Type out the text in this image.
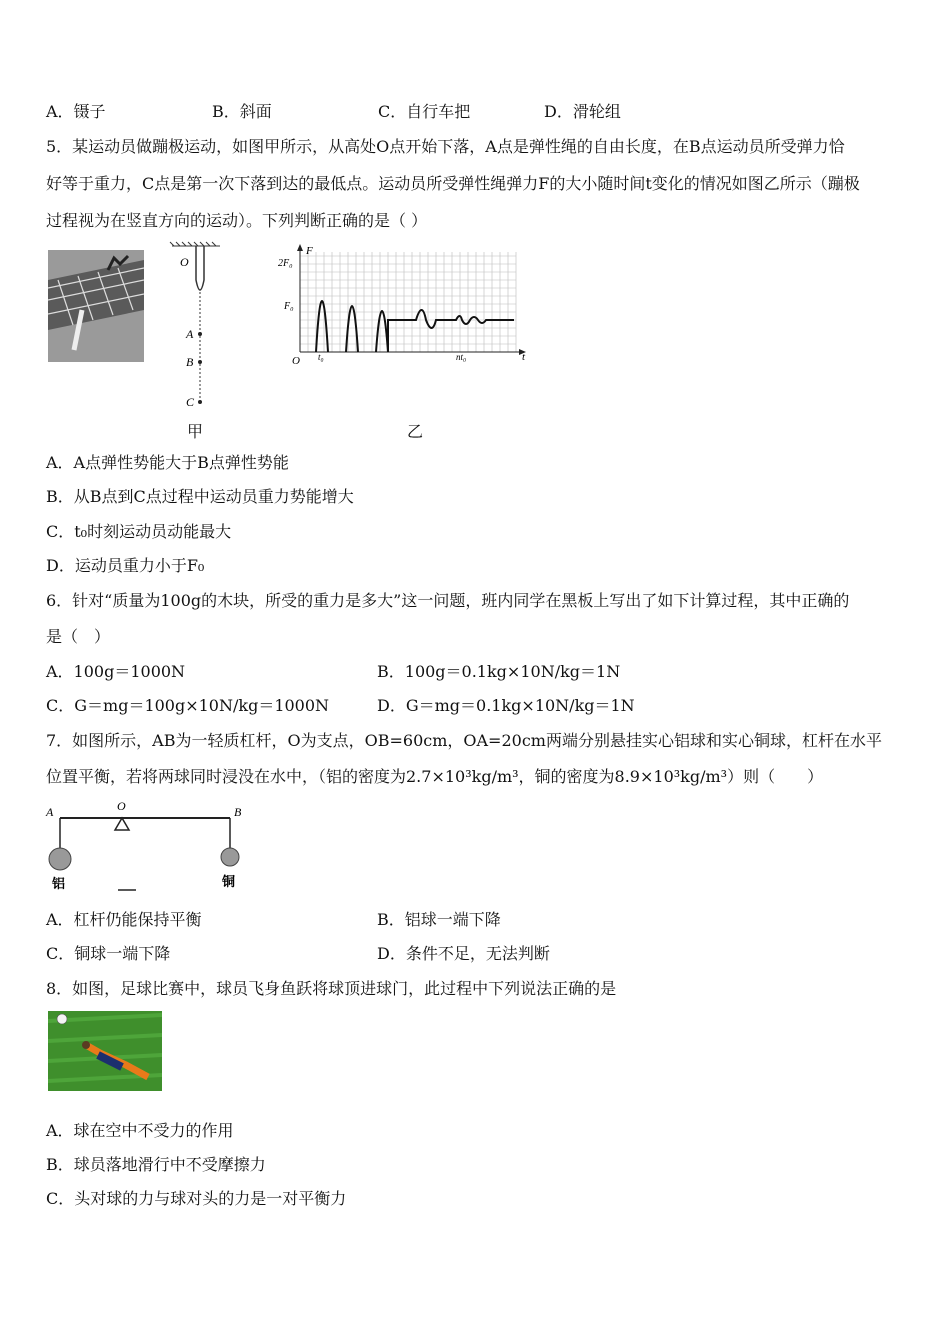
A．镊子	B．斜面	C．自行车把	D．滑轮组
5．某运动员做蹦极运动，如图甲所示，从高处O点开始下落，A点是弹性绳的自由长度，在B点运动员所受弹力恰
好等于重力，C点是第一次下落到达的最低点。运动员所受弹性绳弹力F的大小随时间t变化的情况如图乙所示（蹦极
过程视为在竖直方向的运动）。下列判断正确的是（ ）
O
A
B
C
F
2F₀
F₀
O t₀	nt₀	t
甲	乙
A．A点弹性势能大于B点弹性势能
B．从B点到C点过程中运动员重力势能增大
C．t₀时刻运动员动能最大
D．运动员重力小于F₀
6．针对“质量为100g的木块，所受的重力是多大”这一问题，班内同学在黑板上写出了如下计算过程，其中正确的
是（　）
A．100g＝1000N	B．100g＝0.1kg×10N/kg＝1N
C．G＝mg＝100g×10N/kg＝1000N	D．G＝mg＝0.1kg×10N/kg＝1N
7．如图所示，AB为一轻质杠杆，O为支点，OB=60cm，OA=20cm两端分别悬挂实心铝球和实心铜球，杠杆在水平
位置平衡，若将两球同时浸没在水中，（铝的密度为2.7×10³kg/m³，铜的密度为8.9×10³kg/m³）则（　　）
A	O	B
铝	铜
A．杠杆仍能保持平衡	B．铝球一端下降
C．铜球一端下降	D．条件不足，无法判断
8．如图，足球比赛中，球员飞身鱼跃将球顶进球门，此过程中下列说法正确的是
A．球在空中不受力的作用
B．球员落地滑行中不受摩擦力
C．头对球的力与球对头的力是一对平衡力
